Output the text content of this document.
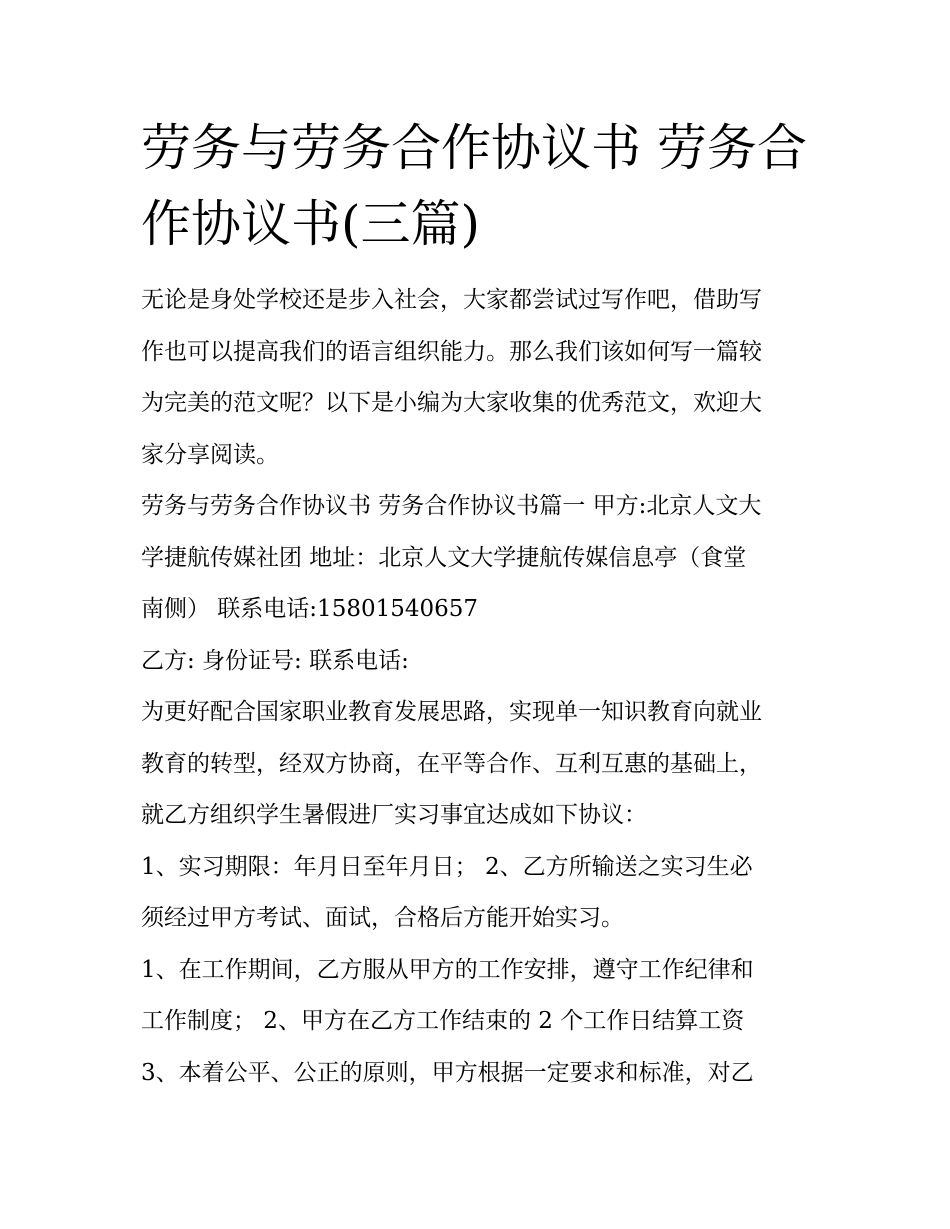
劳务与劳务合作协议书 劳务合
作协议书(三篇)

无论是身处学校还是步入社会，大家都尝试过写作吧，借助写
作也可以提高我们的语言组织能力。那么我们该如何写一篇较
为完美的范文呢？以下是小编为大家收集的优秀范文，欢迎大
家分享阅读。

劳务与劳务合作协议书 劳务合作协议书篇一 甲方:北京人文大
学捷航传媒社团 地址：北京人文大学捷航传媒信息亭（食堂
南侧） 联系电话:15801540657

乙方: 身份证号: 联系电话:

为更好配合国家职业教育发展思路，实现单一知识教育向就业
教育的转型，经双方协商，在平等合作、互利互惠的基础上，
就乙方组织学生暑假进厂实习事宜达成如下协议：

1、实习期限：年月日至年月日； 2、乙方所输送之实习生必
须经过甲方考试、面试，合格后方能开始实习。

1、在工作期间，乙方服从甲方的工作安排，遵守工作纪律和
工作制度； 2、甲方在乙方工作结束的 2 个工作日结算工资

3、本着公平、公正的原则，甲方根据一定要求和标准，对乙
